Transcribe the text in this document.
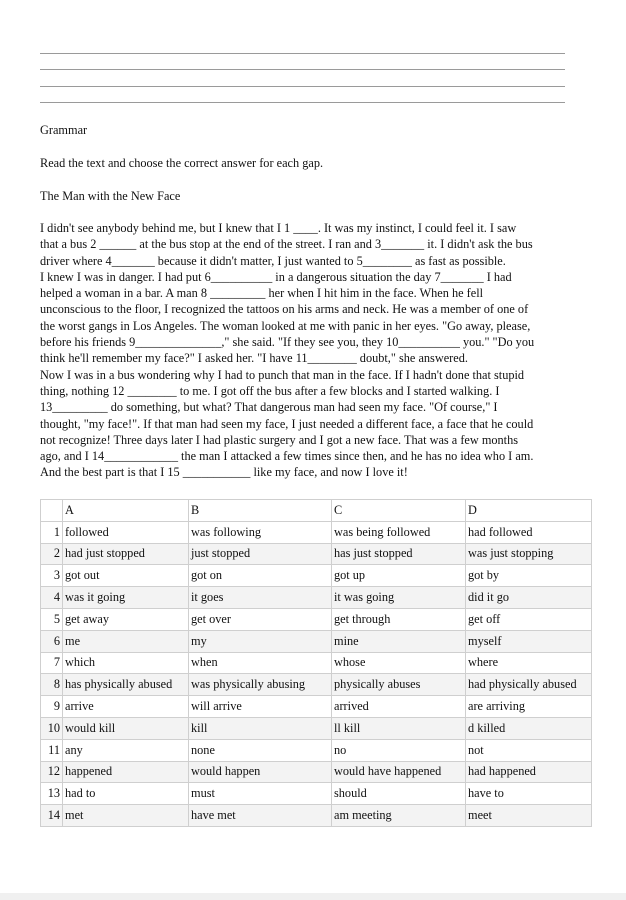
Grammar
Read the text and choose the correct answer for each gap.
The Man with the New Face
I didn't see anybody behind me, but I knew that I 1 ____. It was my instinct, I could feel it. I saw
that a bus 2 ______ at the bus stop at the end of the street. I ran and 3_______ it. I didn't ask the bus
driver where 4_______ because it didn't matter, I just wanted to 5________ as fast as possible.
I knew I was in danger. I had put 6__________ in a dangerous situation the day 7_______ I had
helped a woman in a bar. A man 8 _________ her when I hit him in the face. When he fell
unconscious to the floor, I recognized the tattoos on his arms and neck. He was a member of one of
the worst gangs in Los Angeles. The woman looked at me with panic in her eyes. "Go away, please,
before his friends 9______________," she said. "If they see you, they 10__________ you." "Do you
think he'll remember my face?" I asked her. "I have 11________ doubt," she answered.
Now I was in a bus wondering why I had to punch that man in the face. If I hadn't done that stupid
thing, nothing 12 ________ to me. I got off the bus after a few blocks and I started walking. I
13_________ do something, but what? That dangerous man had seen my face. "Of course," I
thought, "my face!". If that man had seen my face, I just needed a different face, a face that he could
not recognize! Three days later I had plastic surgery and I got a new face. That was a few months
ago, and I 14____________ the man I attacked a few times since then, and he has no idea who I am.
And the best part is that I 15 ___________ like my face, and now I love it!
	A	B	C	D
1	followed	was following	was being followed	had followed
2	had just stopped	just stopped	has just stopped	was just stopping
3	got out	got on	got up	got by
4	was it going	it goes	it was going	did it go
5	get away	get over	get through	get off
6	me	my	mine	myself
7	which	when	whose	where
8	has physically abused	was physically abusing	physically abuses	had physically abused
9	arrive	will arrive	arrived	are arriving
10	would kill	kill	ll kill	d killed
11	any	none	no	not
12	happened	would happen	would have happened	had happened
13	had to	must	should	have to
14	met	have met	am meeting	meet
